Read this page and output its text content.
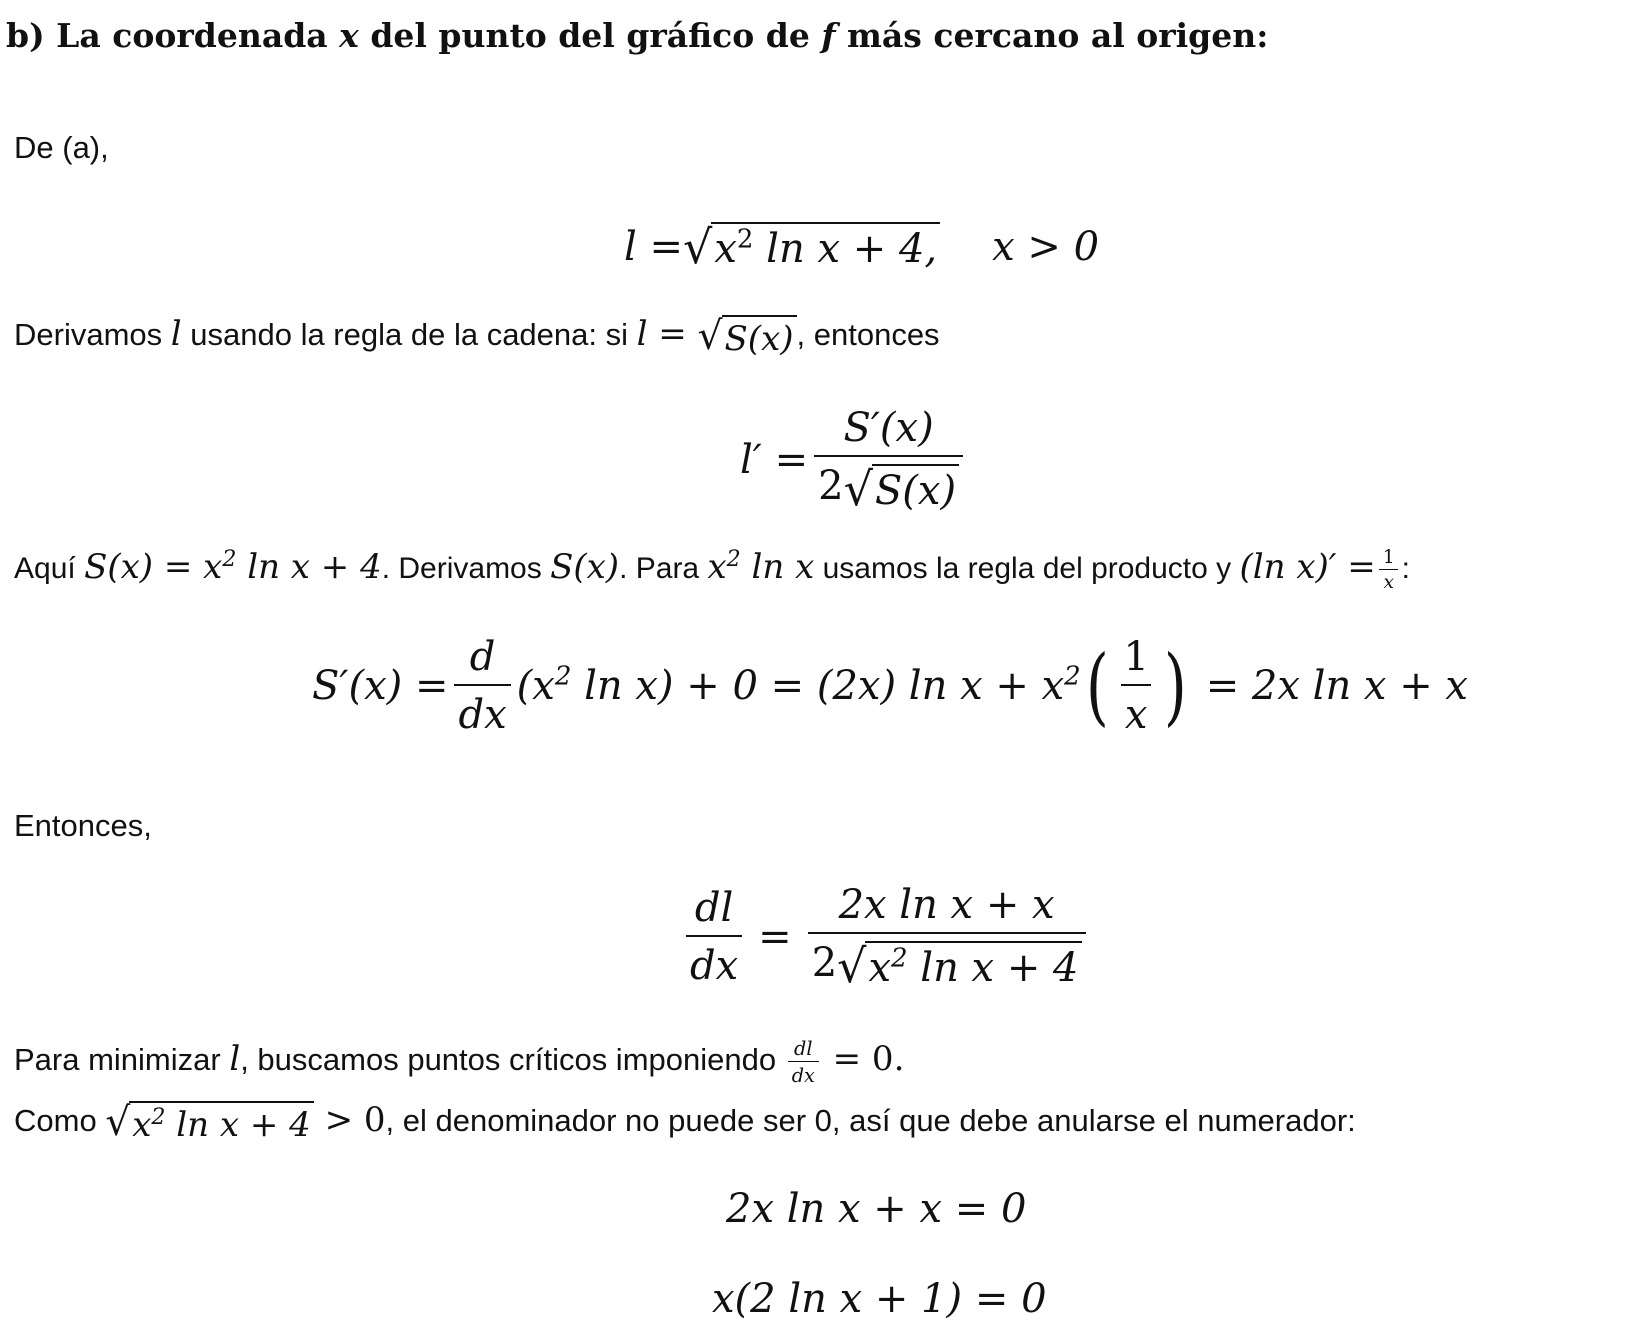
b) La coordenada x del punto del gráfico de f más cercano al origen:
De (a),
l = √ $x^2$ ln x + 4, x > 0
Derivamos l usando la regla de la cadena: si l = √ S(x) , entonces
$l' = \frac{S'(x)}{2 √ S(x)}$
Aquí $S(x) = x^2$ ln x + 4. Derivamos S(x). Para $x^2$ ln x usamos la regla del producto y (ln $x)' = \frac{1}{x}$ :
$S'(x) = \frac{d}{dx} (x^2$ ln x) + 0 = (2x) $\ln x + x^2$ ( $\frac{1}{x}$ ) = 2x ln x + x
Entonces,
$\frac{dl}{dx} = \frac{\text{2x ln x + x}}{2 √ x^2 \ln x + 4}$
Para minimizar l, buscamos puntos críticos imponiendo $\frac{dl}{dx} = 0$.
Como √ $x^2$ ln x + 4 > 0, el denominador no puede ser 0, así que debe anularse el numerador:
2x ln x + x = 0
x(2 ln x + 1) = 0
